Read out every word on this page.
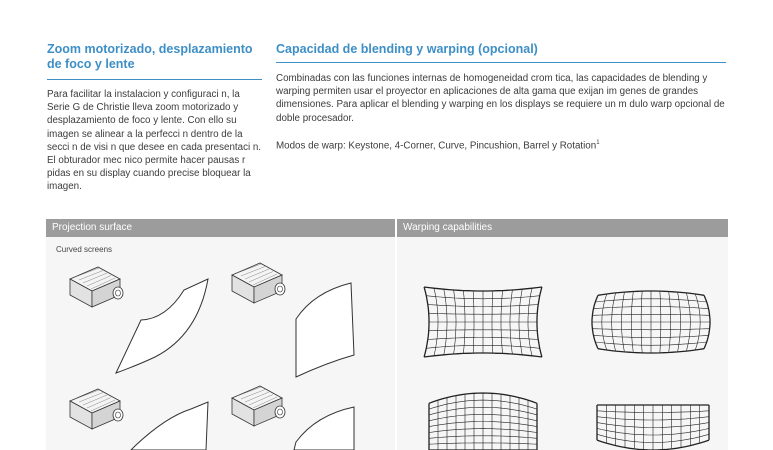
Zoom motorizado, desplazamiento de foco y lente

Para facilitar la instalacion y configuraci n, la Serie G de Christie lleva zoom motorizado y desplazamiento de foco y lente. Con ello su imagen se alinear a la perfecci n dentro de la secci n de visi n que desee en cada presentaci n. El obturador mec nico permite hacer pausas r pidas en su display cuando precise bloquear la imagen.

Capacidad de blending y warping (opcional)

Combinadas con las funciones internas de homogeneidad crom tica, las capacidades de blending y warping permiten usar el proyector en aplicaciones de alta gama que exijan im genes de grandes dimensiones. Para aplicar el blending y warping en los displays se requiere un m dulo warp opcional de doble procesador.

Modos de warp: Keystone, 4-Corner, Curve, Pincushion, Barrel y Rotation$^1$

Projection surface
Curved screens
Warping capabilities
